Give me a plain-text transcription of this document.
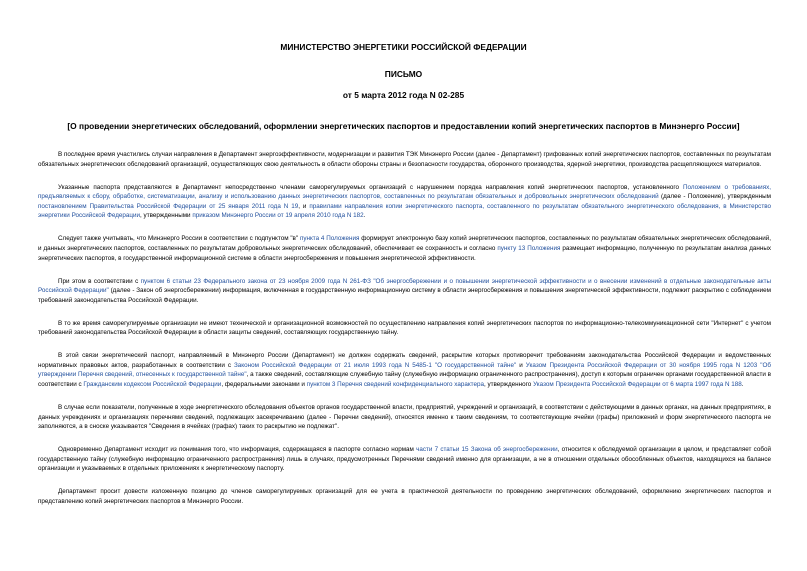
МИНИСТЕРСТВО ЭНЕРГЕТИКИ РОССИЙСКОЙ ФЕДЕРАЦИИ
ПИСЬМО
от 5 марта 2012 года N 02-285
[О проведении энергетических обследований, оформлении энергетических паспортов и предоставлении копий энергетических паспортов в Минэнерго России]

В последнее время участились случаи направления в Департамент энергоэффективности, модернизации и развития ТЭК Минэнерго России (далее - Департамент) грифованных копий энергетических паспортов, составленных по результатам обязательных энергетических обследований организаций, осуществляющих свою деятельность в области обороны страны и безопасности государства, оборонного производства, ядерной энергетики, производства расщепляющихся материалов.

Указанные паспорта представляются в Департамент непосредственно членами саморегулируемых организаций с нарушением порядка направления копий энергетических паспортов, установленного Положением о требованиях, предъявляемых к сбору, обработке, систематизации, анализу и использованию данных энергетических паспортов, составленных по результатам обязательных и добровольных энергетических обследований (далее - Положение), утвержденным постановлением Правительства Российской Федерации от 25 января 2011 года N 19, и правилами направления копии энергетического паспорта, составленного по результатам обязательного энергетического обследования, в Министерство энергетики Российской Федерации, утвержденными приказом Минэнерго России от 19 апреля 2010 года N 182.

Следует также учитывать, что Минэнерго России в соответствии с подпунктом "в" пункта 4 Положения формирует электронную базу копий энергетических паспортов, составленных по результатам обязательных энергетических обследований, и данных энергетических паспортов, составленных по результатам добровольных энергетических обследований, обеспечивает ее сохранность и согласно пункту 13 Положения размещает информацию, полученную по результатам анализа данных энергетических паспортов, в государственной информационной системе в области энергосбережения и повышения энергетической эффективности.

При этом в соответствии с пунктом 6 статьи 23 Федерального закона от 23 ноября 2009 года N 261-ФЗ "Об энергосбережении и о повышении энергетической эффективности и о внесении изменений в отдельные законодательные акты Российской Федерации" (далее - Закон об энергосбережении) информация, включенная в государственную информационную систему в области энергосбережения и повышения энергетической эффективности, подлежит раскрытию с соблюдением требований законодательства Российской Федерации.

В то же время саморегулируемые организации не имеют технической и организационной возможностей по осуществлению направления копий энергетических паспортов по информационно-телекоммуникационной сети "Интернет" с учетом требований законодательства Российской Федерации в области защиты сведений, составляющих государственную тайну.

В этой связи энергетический паспорт, направляемый в Минэнерго России (Департамент) не должен содержать сведений, раскрытие которых противоречит требованиям законодательства Российской Федерации и ведомственных нормативных правовых актов, разработанных в соответствии с Законом Российской Федерации от 21 июля 1993 года N 5485-1 "О государственной тайне" и Указом Президента Российской Федерации от 30 ноября 1995 года N 1203 "Об утверждении Перечня сведений, отнесенных к государственной тайне", а также сведений, составляющие служебную тайну (служебную информацию ограниченного распространения), доступ к которым ограничен органами государственной власти в соответствии с Гражданским кодексом Российской Федерации, федеральными законами и пунктом 3 Перечня сведений конфиденциального характера, утвержденного Указом Президента Российской Федерации от 6 марта 1997 года N 188.

В случае если показатели, полученные в ходе энергетического обследования объектов органов государственной власти, предприятий, учреждений и организаций, в соответствии с действующими в данных органах, на данных предприятиях, в данных учреждениях и организациях перечнями сведений, подлежащих засекречиванию (далее - Перечни сведений), относятся именно к таким сведениям, то соответствующие ячейки (графы) приложений и форм энергетического паспорта не заполняются, а в сноске указывается "Сведения в ячейках (графах) таких то раскрытию не подлежат".

Одновременно Департамент исходит из понимания того, что информация, содержащаяся в паспорте согласно нормам части 7 статьи 15 Закона об энергосбережении, относится к обследуемой организации в целом, и представляет собой государственную тайну (служебную информацию ограниченного распространения) лишь в случаях, предусмотренных Перечнями сведений именно для организации, а не в отношении отдельных обособленных объектов, находящихся на балансе организации и указываемых в отдельных приложениях к энергетическому паспорту.

Департамент просит довести изложенную позицию до членов саморегулируемых организаций для ее учета в практической деятельности по проведению энергетических обследований, оформлению энергетических паспортов и представлению копий энергетических паспортов в Минэнерго России.
